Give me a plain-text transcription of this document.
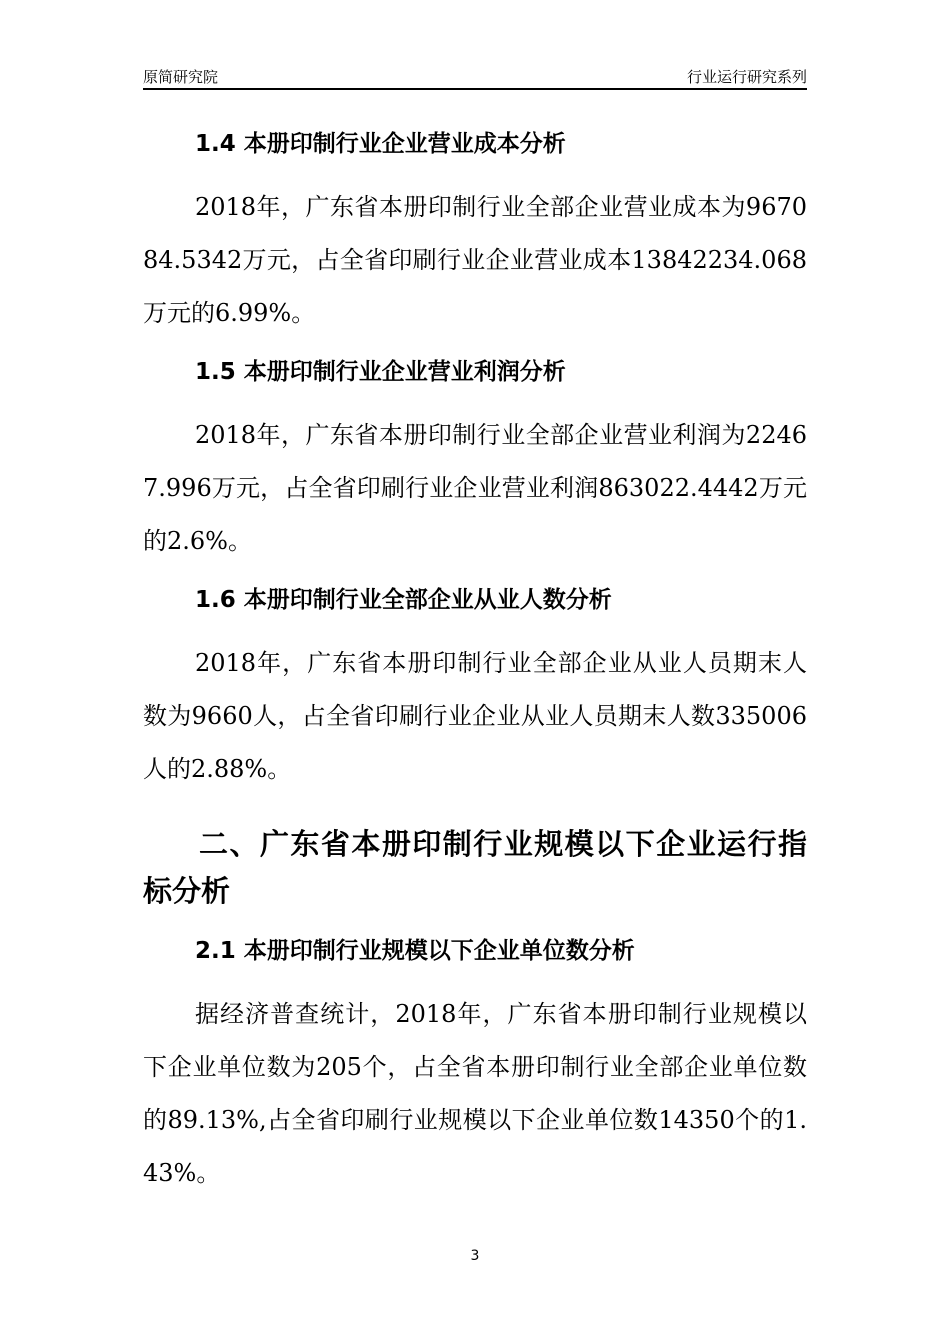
原简研究院	行业运行研究系列
1.4 本册印制行业企业营业成本分析

2018年，广东省本册印制行业全部企业营业成本为967084.5342万元，占全省印刷行业企业营业成本13842234.068万元的6.99%。

1.5 本册印制行业企业营业利润分析

2018年，广东省本册印制行业全部企业营业利润为22467.996万元，占全省印刷行业企业营业利润863022.4442万元的2.6%。

1.6 本册印制行业全部企业从业人数分析

2018年，广东省本册印制行业全部企业从业人员期末人数为9660人，占全省印刷行业企业从业人员期末人数335006人的2.88%。

二、广东省本册印制行业规模以下企业运行指标分析
2.1 本册印制行业规模以下企业单位数分析

据经济普查统计，2018年，广东省本册印制行业规模以下企业单位数为205个，占全省本册印制行业全部企业单位数的89.13%,占全省印刷行业规模以下企业单位数14350个的1.43%。

3
